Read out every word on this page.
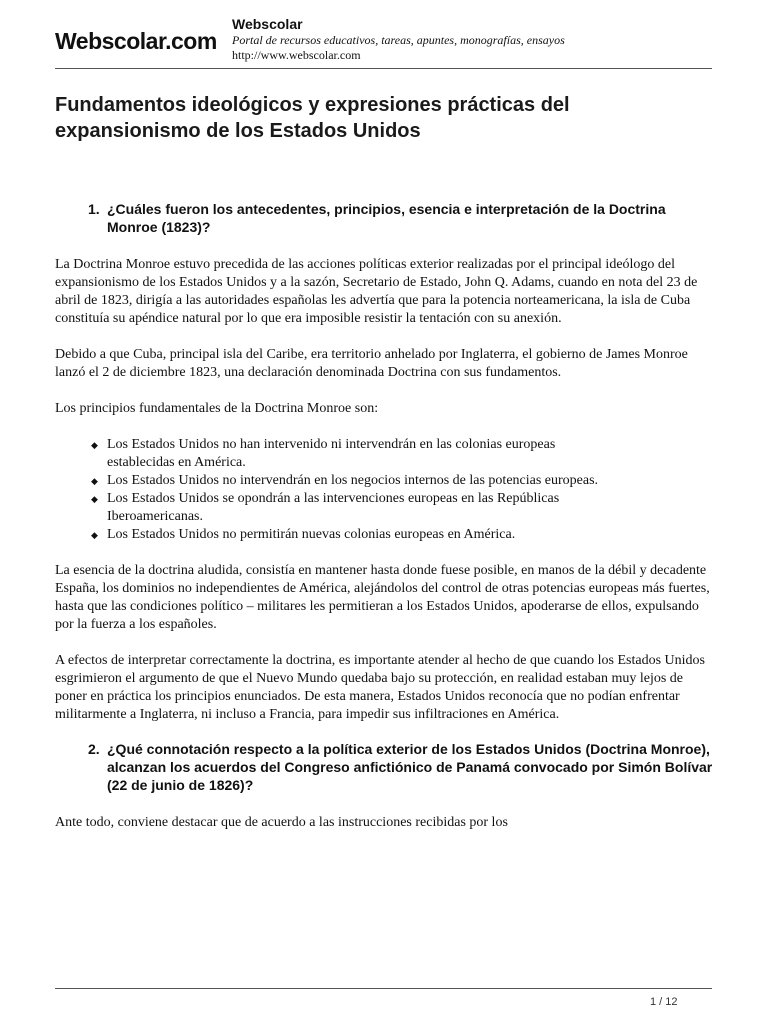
Webscolar.com
Webscolar
Portal de recursos educativos, tareas, apuntes, monografías, ensayos
http://www.webscolar.com
Fundamentos ideológicos y expresiones prácticas del expansionismo de los Estados Unidos

1. ¿Cuáles fueron los antecedentes, principios, esencia e interpretación de la Doctrina Monroe (1823)?

La Doctrina Monroe estuvo precedida de las acciones políticas exterior realizadas por el principal ideólogo del expansionismo de los Estados Unidos y a la sazón, Secretario de Estado, John Q. Adams, cuando en nota del 23 de abril de 1823, dirigía a las autoridades españolas les advertía que para la potencia norteamericana, la isla de Cuba constituía su apéndice natural por lo que era imposible resistir la tentación con su anexión.

Debido a que Cuba, principal isla del Caribe, era territorio anhelado por Inglaterra, el gobierno de James Monroe lanzó el 2 de diciembre 1823, una declaración denominada Doctrina con sus fundamentos.

Los principios fundamentales de la Doctrina Monroe son:

◆ Los Estados Unidos no han intervenido ni intervendrán en las colonias europeas establecidas en América.
◆ Los Estados Unidos no intervendrán en los negocios internos de las potencias europeas.
◆ Los Estados Unidos se opondrán a las intervenciones europeas en las Repúblicas Iberoamericanas.
◆ Los Estados Unidos no permitirán nuevas colonias europeas en América.

La esencia de la doctrina aludida, consistía en mantener hasta donde fuese posible, en manos de la débil y decadente España, los dominios no independientes de América, alejándolos del control de otras potencias europeas más fuertes, hasta que las condiciones político – militares les permitieran a los Estados Unidos, apoderarse de ellos, expulsando por la fuerza a los españoles.

A efectos de interpretar correctamente la doctrina, es importante atender al hecho de que cuando los Estados Unidos esgrimieron el argumento de que el Nuevo Mundo quedaba bajo su protección, en realidad estaban muy lejos de poner en práctica los principios enunciados. De esta manera, Estados Unidos reconocía que no podían enfrentar militarmente a Inglaterra, ni incluso a Francia, para impedir sus infiltraciones en América.

2. ¿Qué connotación respecto a la política exterior de los Estados Unidos (Doctrina Monroe), alcanzan los acuerdos del Congreso anfictiónico de Panamá convocado por Simón Bolívar (22 de junio de 1826)?

Ante todo, conviene destacar que de acuerdo a las instrucciones recibidas por los

1 / 12
